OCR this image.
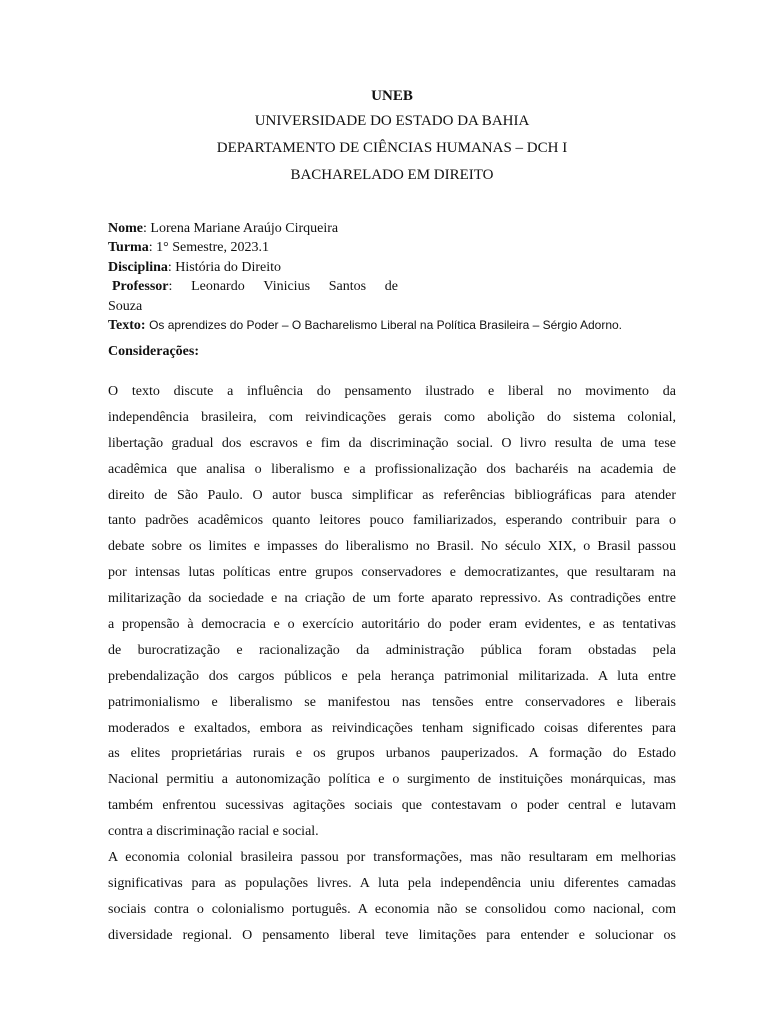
UNEB
UNIVERSIDADE DO ESTADO DA BAHIA
DEPARTAMENTO DE CIÊNCIAS HUMANAS – DCH I
BACHARELADO EM DIREITO
Nome: Lorena Mariane Araújo Cirqueira
Turma: 1° Semestre, 2023.1
Disciplina: História do Direito
Professor: Leonardo Vinicius Santos de
Souza
Texto: Os aprendizes do Poder – O Bacharelismo Liberal na Política Brasileira – Sérgio Adorno.
Considerações:
O texto discute a influência do pensamento ilustrado e liberal no movimento da
independência brasileira, com reivindicações gerais como abolição do sistema colonial,
libertação gradual dos escravos e fim da discriminação social. O livro resulta de uma tese
acadêmica que analisa o liberalismo e a profissionalização dos bacharéis na academia de
direito de São Paulo. O autor busca simplificar as referências bibliográficas para atender
tanto padrões acadêmicos quanto leitores pouco familiarizados, esperando contribuir para o
debate sobre os limites e impasses do liberalismo no Brasil. No século XIX, o Brasil passou
por intensas lutas políticas entre grupos conservadores e democratizantes, que resultaram na
militarização da sociedade e na criação de um forte aparato repressivo. As contradições entre
a propensão à democracia e o exercício autoritário do poder eram evidentes, e as tentativas
de burocratização e racionalização da administração pública foram obstadas pela
prebendalização dos cargos públicos e pela herança patrimonial militarizada. A luta entre
patrimonialismo e liberalismo se manifestou nas tensões entre conservadores e liberais
moderados e exaltados, embora as reivindicações tenham significado coisas diferentes para
as elites proprietárias rurais e os grupos urbanos pauperizados. A formação do Estado
Nacional permitiu a autonomização política e o surgimento de instituições monárquicas, mas
também enfrentou sucessivas agitações sociais que contestavam o poder central e lutavam
contra a discriminação racial e social.
A economia colonial brasileira passou por transformações, mas não resultaram em melhorias
significativas para as populações livres. A luta pela independência uniu diferentes camadas
sociais contra o colonialismo português. A economia não se consolidou como nacional, com
diversidade regional. O pensamento liberal teve limitações para entender e solucionar os
